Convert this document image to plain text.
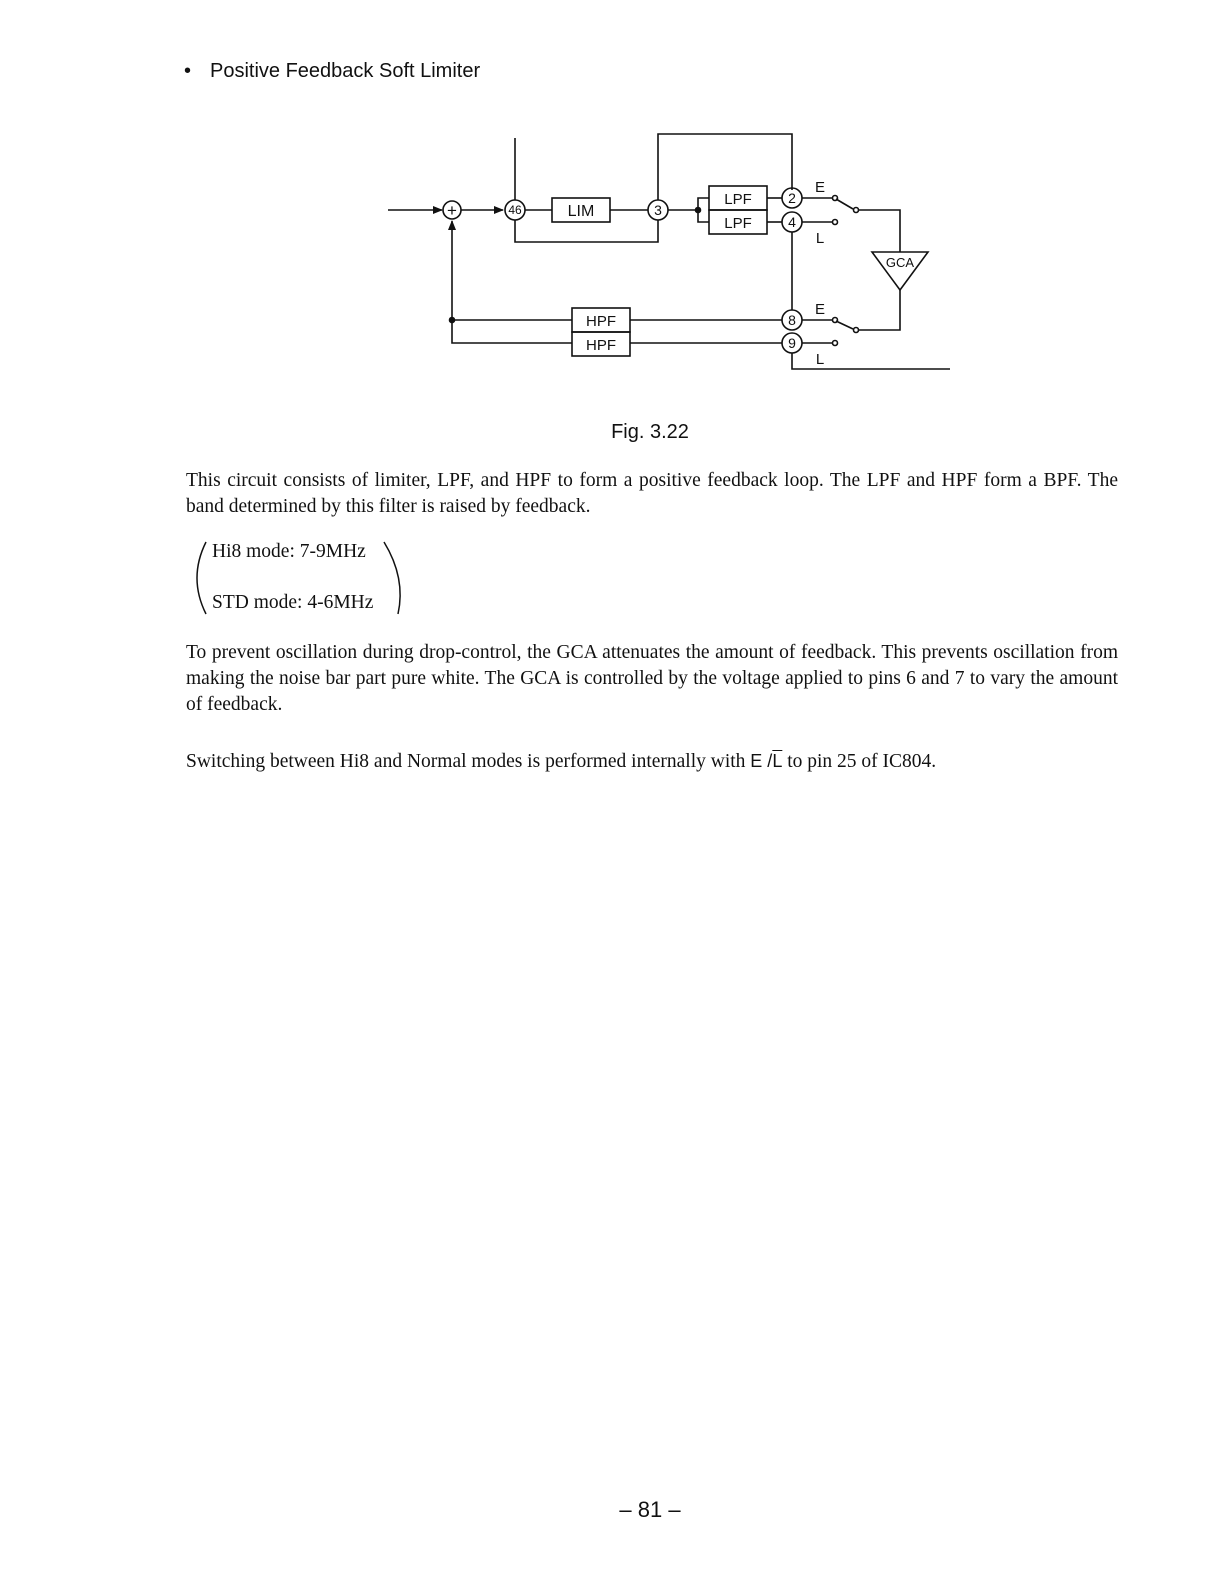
• Positive Feedback Soft Limiter
+	46	LIM	3
LPF
LPF
2
4
E
L
GCA
E
L
8
9
HPF
HPF
Fig. 3.22

This circuit consists of limiter, LPF, and HPF to form a positive feedback loop. The LPF and HPF form a BPF. The band determined by this filter is raised by feedback.

Hi8 mode: 7-9MHz
STD mode: 4-6MHz

To prevent oscillation during drop-control, the GCA attenuates the amount of feedback. This prevents oscillation from making the noise bar part pure white. The GCA is controlled by the voltage applied to pins 6 and 7 to vary the amount of feedback.

Switching between Hi8 and Normal modes is performed internally with E $/\overline{L}$ to pin 25 of IC804.

– 81 –
